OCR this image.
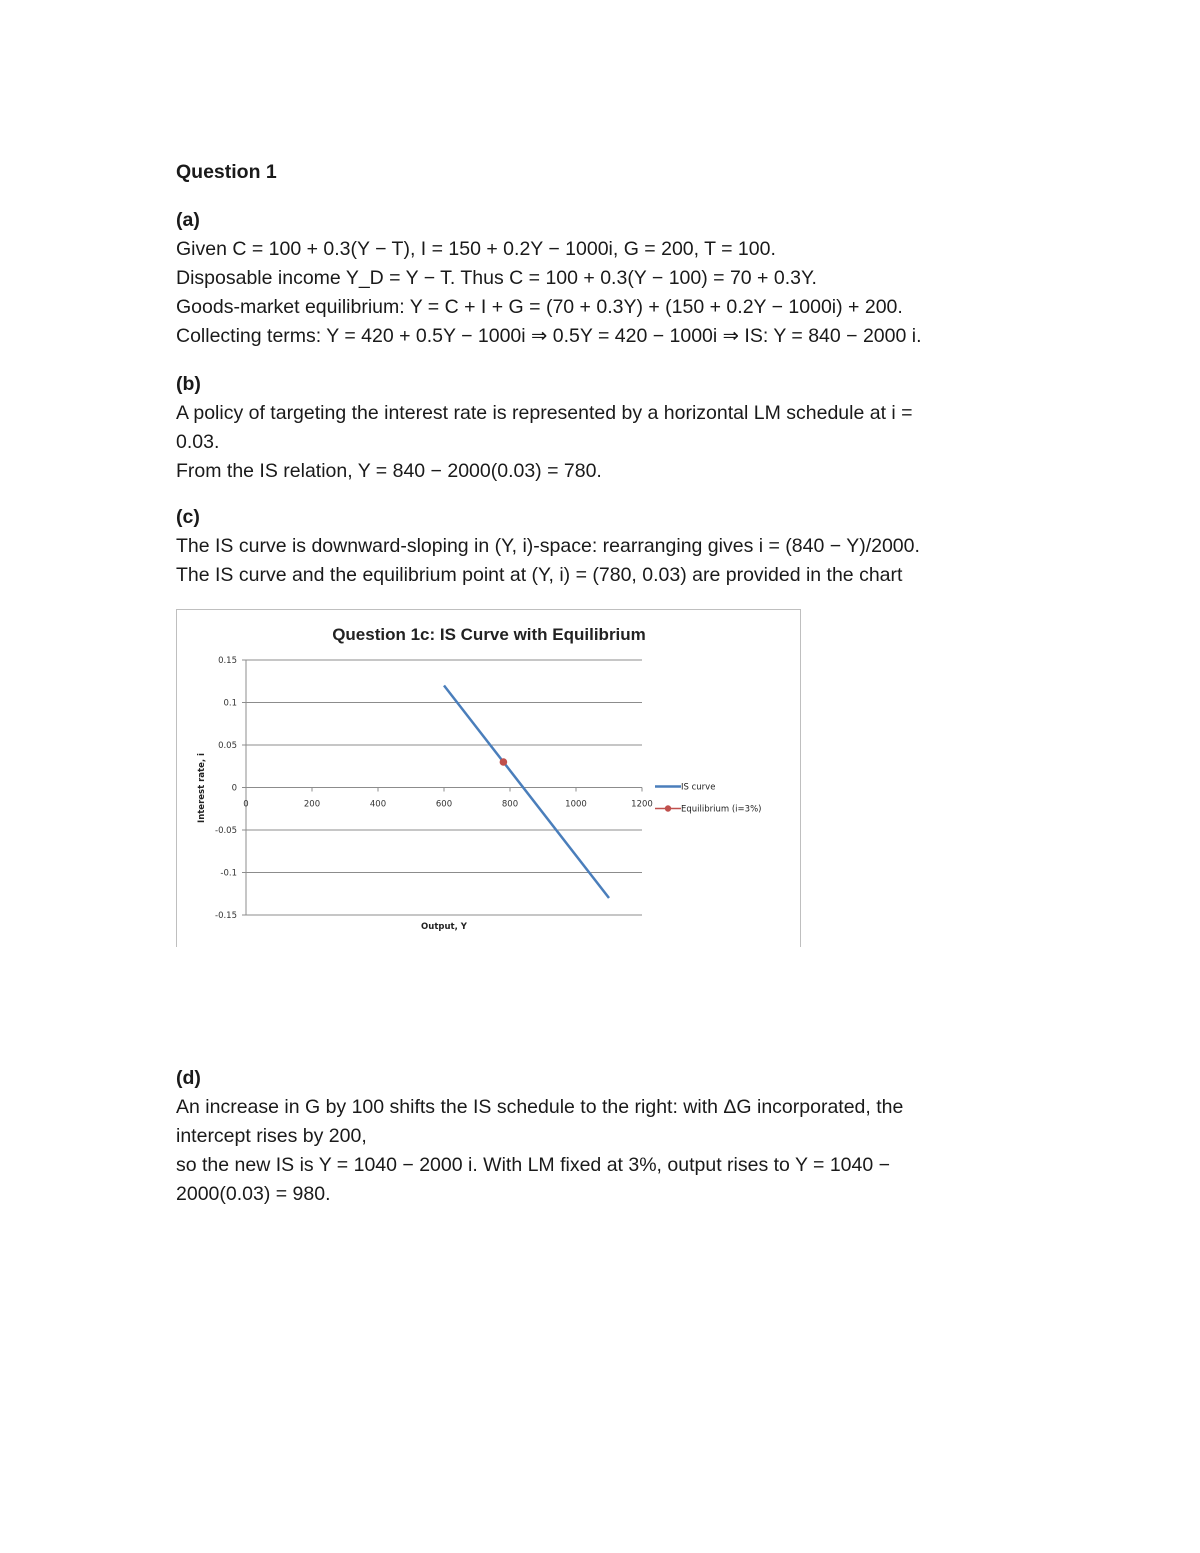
Question 1
(a)
Given C = 100 + 0.3(Y − T), I = 150 + 0.2Y − 1000i, G = 200, T = 100.
Disposable income Y_D = Y − T. Thus C = 100 + 0.3(Y − 100) = 70 + 0.3Y.
Goods-market equilibrium: Y = C + I + G = (70 + 0.3Y) + (150 + 0.2Y − 1000i) + 200.
Collecting terms: Y = 420 + 0.5Y − 1000i ⇒ 0.5Y = 420 − 1000i ⇒ IS: Y = 840 − 2000 i.
(b)
A policy of targeting the interest rate is represented by a horizontal LM schedule at i =
0.03.
From the IS relation, Y = 840 − 2000(0.03) = 780.
(c)
The IS curve is downward-sloping in (Y, i)-space: rearranging gives i = (840 − Y)/2000.
The IS curve and the equilibrium point at (Y, i) = (780, 0.03) are provided in the chart
Question 1c: IS Curve with Equilibrium
0.15
0.1
0.05
0
-0.05
-0.1
-0.15
0	200	400	600	800	1000	1200
Output, Y
Interest rate, i	IS curve
Equilibrium (i=3%)
(d)
An increase in G by 100 shifts the IS schedule to the right: with ΔG incorporated, the
intercept rises by 200,
so the new IS is Y = 1040 − 2000 i. With LM fixed at 3%, output rises to Y = 1040 −
2000(0.03) = 980.
